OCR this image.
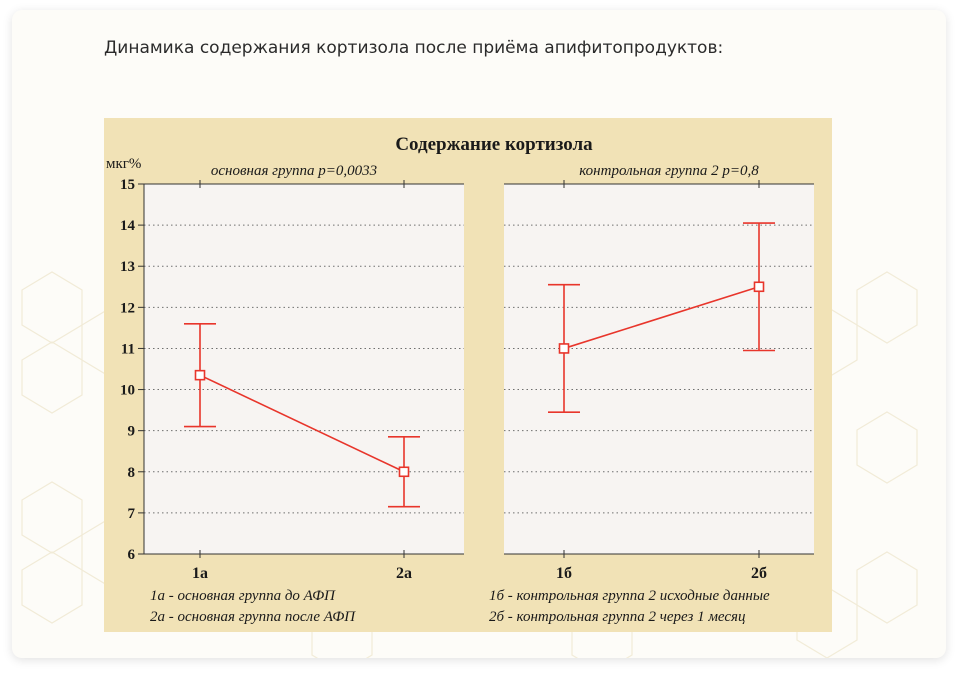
Динамика содержания кортизола после приёма апифитопродуктов:
Содержание кортизола
мкг%
6
7
8
9
10
11
12
13
14
15
основная группа p=0,0033
1а	2а
1а - основная группа до АФП
2а - основная группа после АФП
контрольная группа 2 p=0,8
1б	2б
1б - контрольная группа 2 исходные данные
2б - контрольная группа 2 через 1 месяц
